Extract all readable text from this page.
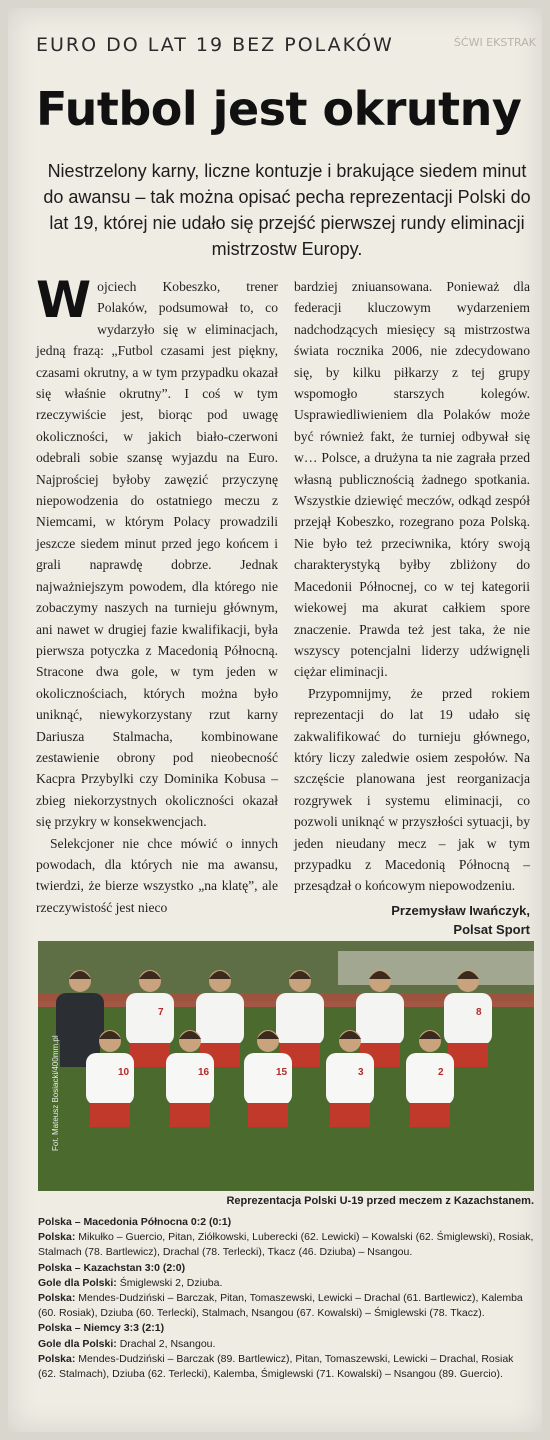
EURO DO LAT 19 BEZ POLAKÓW	ŚĆWI EKSTRAK
Futbol jest okrutny
Niestrzelony karny, liczne kontuzje i brakujące siedem minut do awansu – tak można opisać pecha reprezentacji Polski do lat 19, której nie udało się przejść pierwszej rundy eliminacji mistrzostw Europy.

Wojciech Kobeszko, trener Polaków, podsumował to, co wydarzyło się w eliminacjach, jedną frazą: „Futbol czasami jest piękny, czasami okrutny, a w tym przypadku okazał się właśnie okrutny”. I coś w tym rzeczywiście jest, biorąc pod uwagę okoliczności, w jakich biało-czerwoni odebrali sobie szansę wyjazdu na Euro. Najprościej byłoby zawęzić przyczynę niepowodzenia do ostatniego meczu z Niemcami, w którym Polacy prowadzili jeszcze siedem minut przed jego końcem i grali naprawdę dobrze. Jednak najważniejszym powodem, dla którego nie zobaczymy naszych na turnieju głównym, ani nawet w drugiej fazie kwalifikacji, była pierwsza potyczka z Macedonią Północną. Stracone dwa gole, w tym jeden w okolicznościach, których można było uniknąć, niewykorzystany rzut karny Dariusza Stalmacha, kombinowane zestawienie obrony pod nieobecność Kacpra Przybylki czy Dominika Kobusa – zbieg niekorzystnych okoliczności okazał się przykry w konsekwencjach.

Selekcjoner nie chce mówić o innych powodach, dla których nie ma awansu, twierdzi, że bierze wszystko „na klatę”, ale rzeczywistość jest nieco

bardziej zniuansowana. Ponieważ dla federacji kluczowym wydarzeniem nadchodzących miesięcy są mistrzostwa świata rocznika 2006, nie zdecydowano się, by kilku piłkarzy z tej grupy wspomogło starszych kolegów. Usprawiedliwieniem dla Polaków może być również fakt, że turniej odbywał się w… Polsce, a drużyna ta nie zagrała przed własną publicznością żadnego spotkania. Wszystkie dziewięć meczów, odkąd zespół przejął Kobeszko, rozegrano poza Polską. Nie było też przeciwnika, który swoją charakterystyką byłby zbliżony do Macedonii Północnej, co w tej kategorii wiekowej ma akurat całkiem spore znaczenie. Prawda też jest taka, że nie wszyscy potencjalni liderzy udźwignęli ciężar eliminacji.

Przypomnijmy, że przed rokiem reprezentacji do lat 19 udało się zakwalifikować do turnieju głównego, który liczy zaledwie osiem zespołów. Na szczęście planowana jest reorganizacja rozgrywek i systemu eliminacji, co pozwoli uniknąć w przyszłości sytuacji, by jeden nieudany mecz – jak w tym przypadku z Macedonią Północną – przesądzał o końcowym niepowodzeniu.

Przemysław Iwańczyk,
Polsat Sport
7	8
10	16	15	3	2
Fot. Mateusz Bosiacki/400mm.pl
Reprezentacja Polski U-19 przed meczem z Kazachstanem.
Polska – Macedonia Północna 0:2 (0:1)
Polska: Mikułko – Guercio, Pitan, Ziółkowski, Luberecki (62. Lewicki) – Kowalski (62. Śmiglewski), Rosiak, Stalmach (78. Bartlewicz), Drachal (78. Terlecki), Tkacz (46. Dziuba) – Nsangou.
Polska – Kazachstan 3:0 (2:0)
Gole dla Polski: Śmiglewski 2, Dziuba.
Polska: Mendes-Dudziński – Barczak, Pitan, Tomaszewski, Lewicki – Drachal (61. Bartlewicz), Kalemba (60. Rosiak), Dziuba (60. Terlecki), Stalmach, Nsangou (67. Kowalski) – Śmiglewski (78. Tkacz).
Polska – Niemcy 3:3 (2:1)
Gole dla Polski: Drachal 2, Nsangou.
Polska: Mendes-Dudziński – Barczak (89. Bartlewicz), Pitan, Tomaszewski, Lewicki – Drachal, Rosiak (62. Stalmach), Dziuba (62. Terlecki), Kalemba, Śmiglewski (71. Kowalski) – Nsangou (89. Guercio).
